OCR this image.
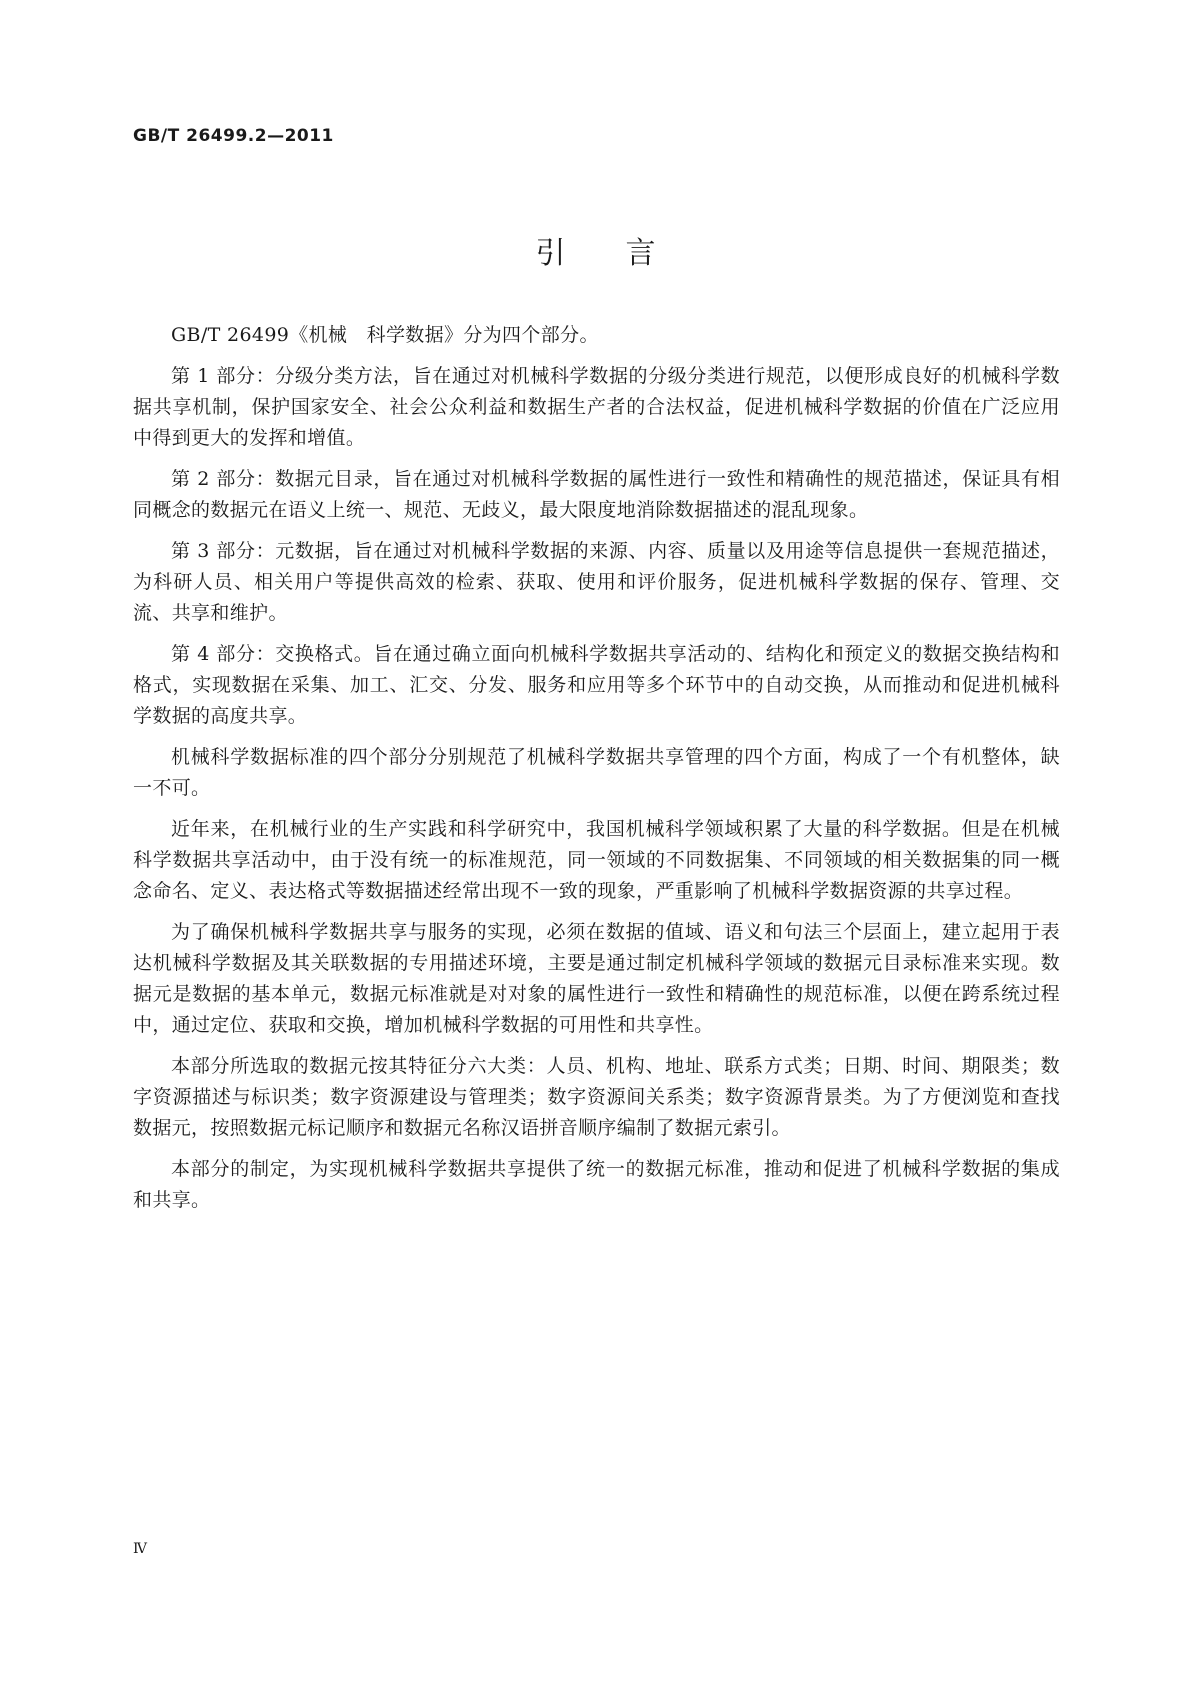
GB/T 26499.2—2011
引言

GB/T 26499《机械　科学数据》分为四个部分。

第 1 部分：分级分类方法，旨在通过对机械科学数据的分级分类进行规范，以便形成良好的机械科学数据共享机制，保护国家安全、社会公众利益和数据生产者的合法权益，促进机械科学数据的价值在广泛应用中得到更大的发挥和增值。

第 2 部分：数据元目录，旨在通过对机械科学数据的属性进行一致性和精确性的规范描述，保证具有相同概念的数据元在语义上统一、规范、无歧义，最大限度地消除数据描述的混乱现象。

第 3 部分：元数据，旨在通过对机械科学数据的来源、内容、质量以及用途等信息提供一套规范描述，为科研人员、相关用户等提供高效的检索、获取、使用和评价服务，促进机械科学数据的保存、管理、交流、共享和维护。

第 4 部分：交换格式。旨在通过确立面向机械科学数据共享活动的、结构化和预定义的数据交换结构和格式，实现数据在采集、加工、汇交、分发、服务和应用等多个环节中的自动交换，从而推动和促进机械科学数据的高度共享。

机械科学数据标准的四个部分分别规范了机械科学数据共享管理的四个方面，构成了一个有机整体，缺一不可。

近年来，在机械行业的生产实践和科学研究中，我国机械科学领域积累了大量的科学数据。但是在机械科学数据共享活动中，由于没有统一的标准规范，同一领域的不同数据集、不同领域的相关数据集的同一概念命名、定义、表达格式等数据描述经常出现不一致的现象，严重影响了机械科学数据资源的共享过程。

为了确保机械科学数据共享与服务的实现，必须在数据的值域、语义和句法三个层面上，建立起用于表达机械科学数据及其关联数据的专用描述环境，主要是通过制定机械科学领域的数据元目录标准来实现。数据元是数据的基本单元，数据元标准就是对对象的属性进行一致性和精确性的规范标准，以便在跨系统过程中，通过定位、获取和交换，增加机械科学数据的可用性和共享性。

本部分所选取的数据元按其特征分六大类：人员、机构、地址、联系方式类；日期、时间、期限类；数字资源描述与标识类；数字资源建设与管理类；数字资源间关系类；数字资源背景类。为了方便浏览和查找数据元，按照数据元标记顺序和数据元名称汉语拼音顺序编制了数据元索引。

本部分的制定，为实现机械科学数据共享提供了统一的数据元标准，推动和促进了机械科学数据的集成和共享。

Ⅳ
